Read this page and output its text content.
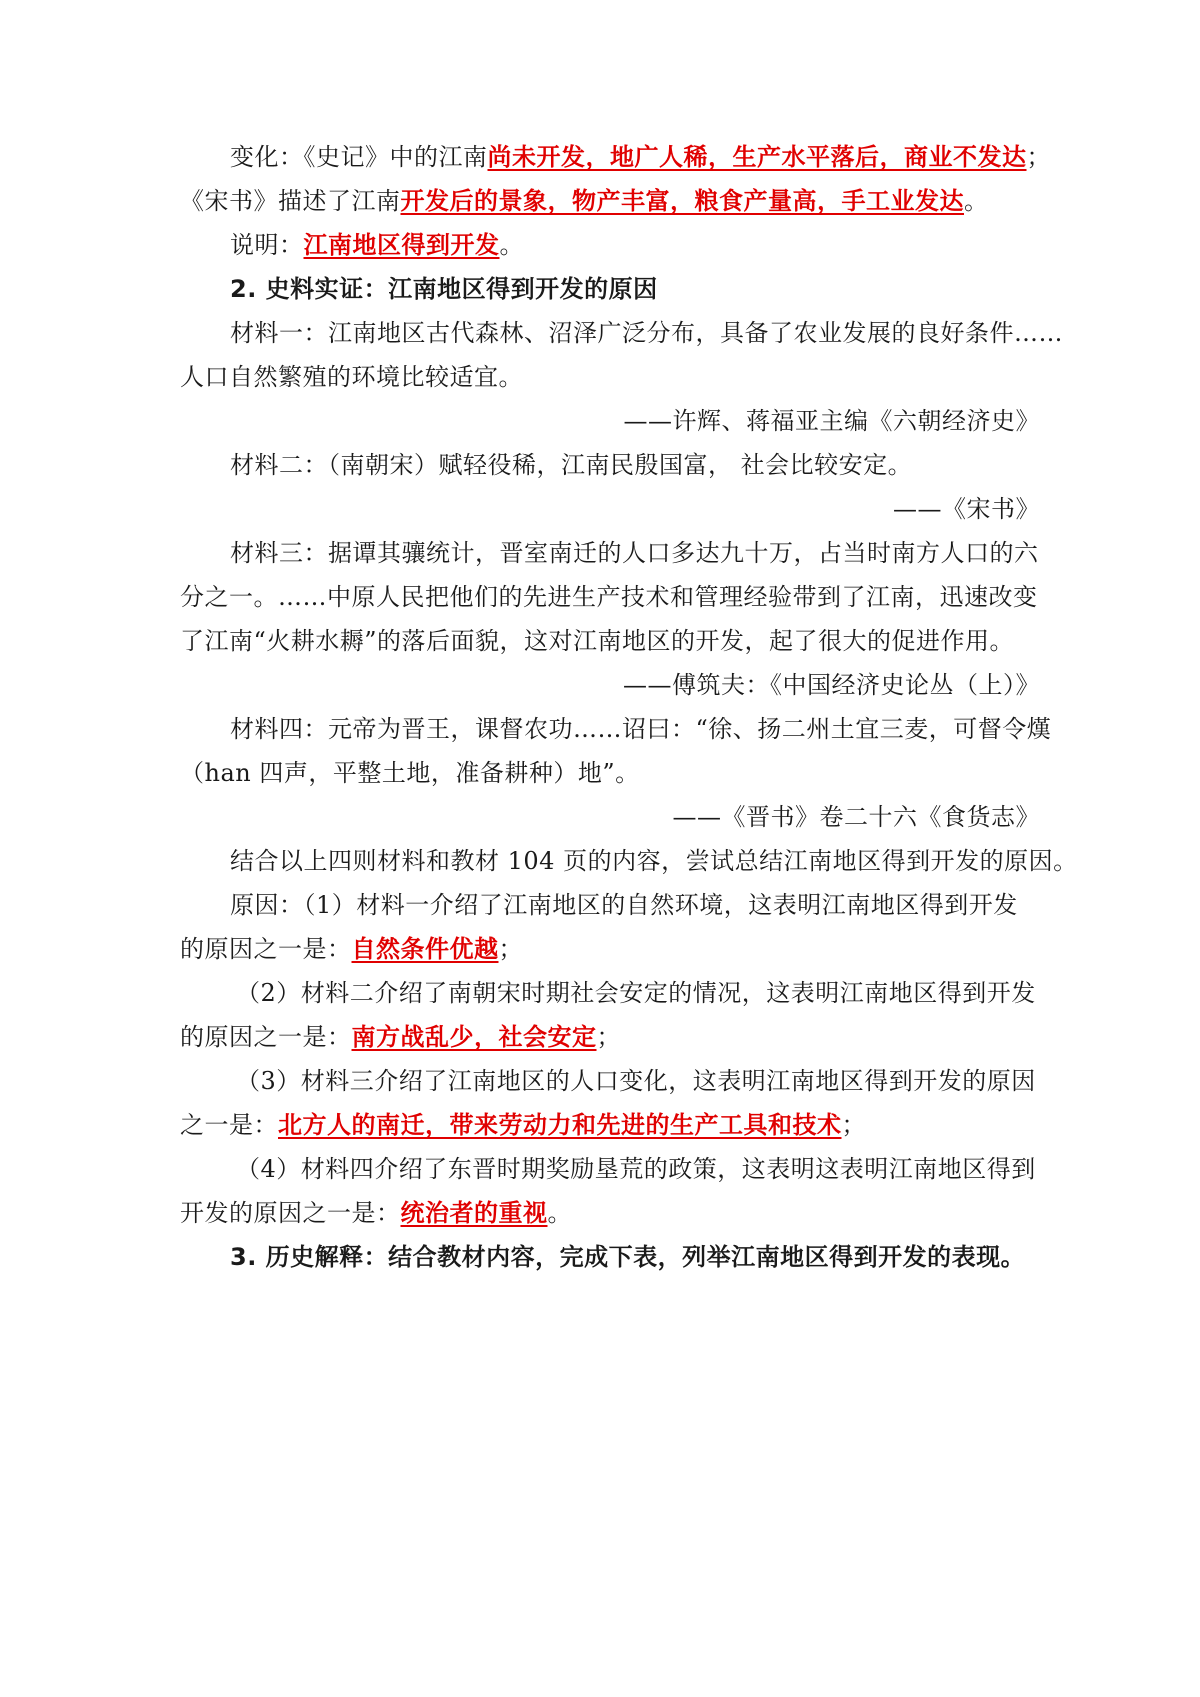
变化：《史记》中的江南尚未开发，地广人稀，生产水平落后，商业不发达；
《宋书》描述了江南开发后的景象，物产丰富，粮食产量高，手工业发达。
说明：江南地区得到开发。
2. 史料实证：江南地区得到开发的原因
材料一：江南地区古代森林、沼泽广泛分布，具备了农业发展的良好条件……
人口自然繁殖的环境比较适宜。
——许辉、蒋福亚主编《六朝经济史》
材料二：（南朝宋）赋轻役稀，江南民殷国富， 社会比较安定。
——《宋书》
材料三：据谭其骧统计，晋室南迁的人口多达九十万，占当时南方人口的六
分之一。……中原人民把他们的先进生产技术和管理经验带到了江南，迅速改变
了江南“火耕水耨”的落后面貌，这对江南地区的开发，起了很大的促进作用。
——傅筑夫：《中国经济史论丛（上）》
材料四：元帝为晋王，课督农功……诏曰：“徐、扬二州土宜三麦，可督令熯
（han 四声，平整土地，准备耕种）地”。
——《晋书》卷二十六《食货志》
结合以上四则材料和教材 104 页的内容，尝试总结江南地区得到开发的原因。
原因：（1）材料一介绍了江南地区的自然环境，这表明江南地区得到开发
的原因之一是：自然条件优越；
（2）材料二介绍了南朝宋时期社会安定的情况，这表明江南地区得到开发
的原因之一是：南方战乱少，社会安定；
（3）材料三介绍了江南地区的人口变化，这表明江南地区得到开发的原因
之一是：北方人的南迁，带来劳动力和先进的生产工具和技术；
（4）材料四介绍了东晋时期奖励垦荒的政策，这表明这表明江南地区得到
开发的原因之一是：统治者的重视。
3. 历史解释：结合教材内容，完成下表，列举江南地区得到开发的表现。
